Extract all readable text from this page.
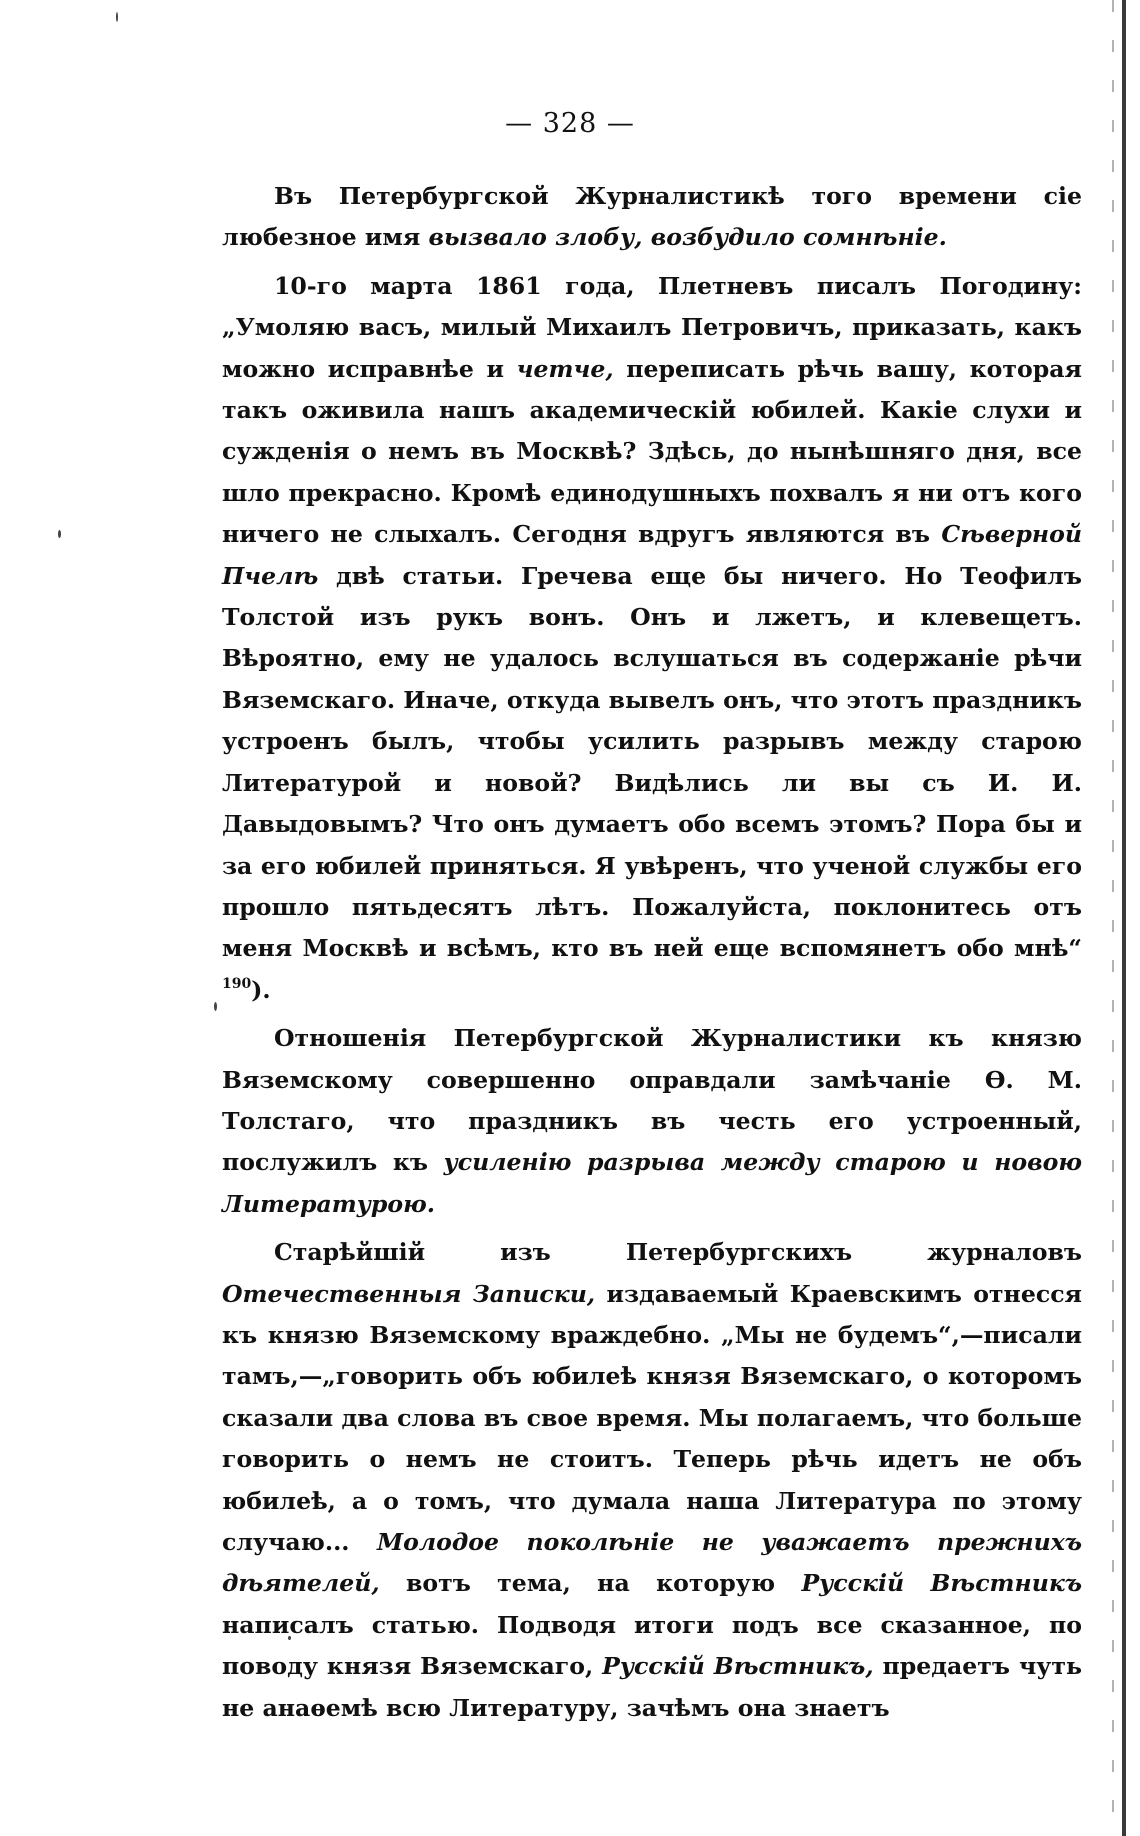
— 328 —

Въ Петербургской Журналистикѣ того времени сіе любезное имя вызвало злобу, возбудило сомнѣніе.

10-го марта 1861 года, Плетневъ писалъ Погодину: „Умоляю васъ, милый Михаилъ Петровичъ, приказать, какъ можно исправнѣе и четче, переписать рѣчь вашу, которая такъ оживила нашъ академическій юбилей. Какіе слухи и сужденія о немъ въ Москвѣ? Здѣсь, до нынѣшняго дня, все шло прекрасно. Кромѣ единодушныхъ похвалъ я ни отъ кого ничего не слыхалъ. Сегодня вдругъ являются въ Сѣверной Пчелѣ двѣ статьи. Гречева еще бы ничего. Но Теофилъ Толстой изъ рукъ вонъ. Онъ и лжетъ, и клевещетъ. Вѣроятно, ему не удалось вслушаться въ содержаніе рѣчи Вяземскаго. Иначе, откуда вывелъ онъ, что этотъ праздникъ устроенъ былъ, чтобы усилить разрывъ между старою Литературой и новой? Видѣлись ли вы съ И. И. Давыдовымъ? Что онъ думаетъ обо всемъ этомъ? Пора бы и за его юбилей приняться. Я увѣренъ, что ученой службы его прошло пятьдесятъ лѣтъ. Пожалуйста, поклонитесь отъ меня Москвѣ и всѣмъ, кто въ ней еще вспомянетъ обо мнѣ“ $^{190}$).

Отношенія Петербургской Журналистики къ князю Вяземскому совершенно оправдали замѣчаніе Ѳ. М. Толстаго, что праздникъ въ честь его устроенный, послужилъ къ усиленію разрыва между старою и новою Литературою.

Старѣйшій изъ Петербургскихъ журналовъ Отечественныя Записки, издаваемый Краевскимъ отнесся къ князю Вяземскому враждебно. „Мы не будемъ“,—писали тамъ,—„говорить объ юбилеѣ князя Вяземскаго, о которомъ сказали два слова въ свое время. Мы полагаемъ, что больше говорить о немъ не стоитъ. Теперь рѣчь идетъ не объ юбилеѣ, а о томъ, что думала наша Литература по этому случаю... Молодое поколѣніе не уважаетъ прежнихъ дѣятелей, вотъ тема, на которую Русскій Вѣстникъ написалъ статью. Подводя итоги подъ все сказанное, по поводу князя Вяземскаго, Русскій Вѣстникъ, предаетъ чуть не анаѳемѣ всю Литературу, зачѣмъ она знаетъ
